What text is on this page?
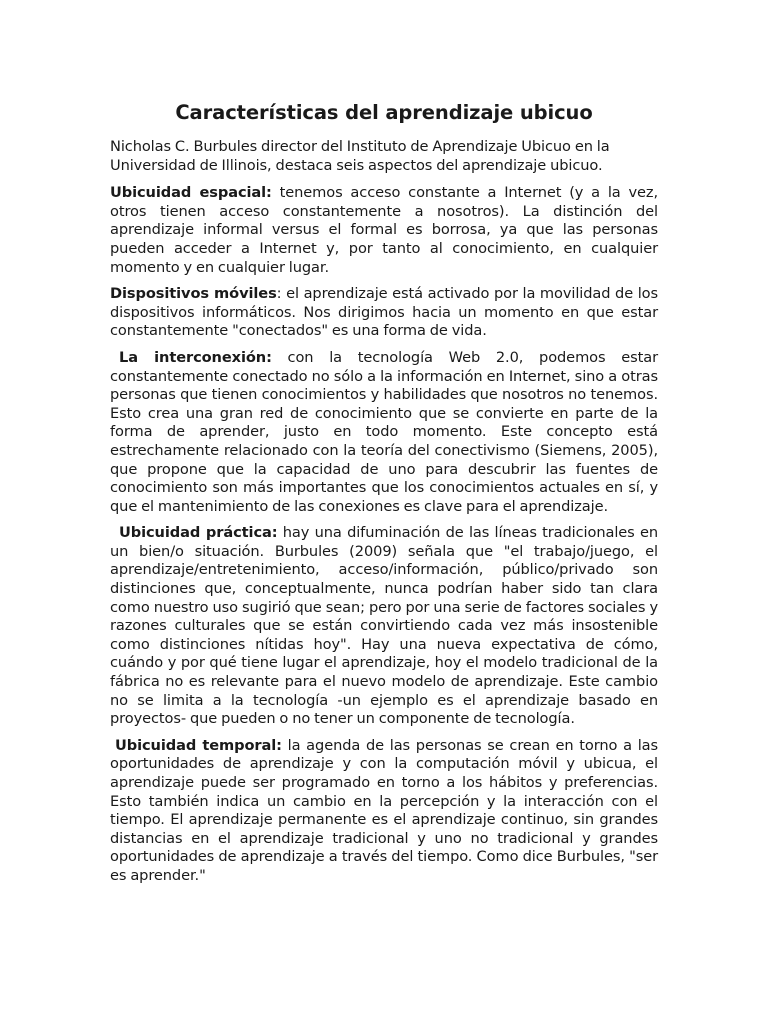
Características del aprendizaje ubicuo

Nicholas C. Burbules director del Instituto de Aprendizaje Ubicuo en la Universidad de Illinois, destaca seis aspectos del aprendizaje ubicuo.

Ubicuidad espacial: tenemos acceso constante a Internet (y a la vez, otros tienen acceso constantemente a nosotros). La distinción del aprendizaje informal versus el formal es borrosa, ya que las personas pueden acceder a Internet y, por tanto al conocimiento, en cualquier momento y en cualquier lugar.

Dispositivos móviles: el aprendizaje está activado por la movilidad de los dispositivos informáticos. Nos dirigimos hacia un momento en que estar constantemente "conectados" es una forma de vida.

La interconexión: con la tecnología Web 2.0, podemos estar constantemente conectado no sólo a la información en Internet, sino a otras personas que tienen conocimientos y habilidades que nosotros no tenemos. Esto crea una gran red de conocimiento que se convierte en parte de la forma de aprender, justo en todo momento. Este concepto está estrechamente relacionado con la teoría del conectivismo (Siemens, 2005), que propone que la capacidad de uno para descubrir las fuentes de conocimiento son más importantes que los conocimientos actuales en sí, y que el mantenimiento de las conexiones es clave para el aprendizaje.

Ubicuidad práctica: hay una difuminación de las líneas tradicionales en un bien/o situación. Burbules (2009) señala que "el trabajo/juego, el aprendizaje/entretenimiento, acceso/información, público/privado son distinciones que, conceptualmente, nunca podrían haber sido tan clara como nuestro uso sugirió que sean; pero por una serie de factores sociales y razones culturales que se están convirtiendo cada vez más insostenible como distinciones nítidas hoy". Hay una nueva expectativa de cómo, cuándo y por qué tiene lugar el aprendizaje, hoy el modelo tradicional de la fábrica no es relevante para el nuevo modelo de aprendizaje. Este cambio no se limita a la tecnología -un ejemplo es el aprendizaje basado en proyectos- que pueden o no tener un componente de tecnología.

Ubicuidad temporal: la agenda de las personas se crean en torno a las oportunidades de aprendizaje y con la computación móvil y ubicua, el aprendizaje puede ser programado en torno a los hábitos y preferencias. Esto también indica un cambio en la percepción y la interacción con el tiempo. El aprendizaje permanente es el aprendizaje continuo, sin grandes distancias en el aprendizaje tradicional y uno no tradicional y grandes oportunidades de aprendizaje a través del tiempo. Como dice Burbules, "ser es aprender."
